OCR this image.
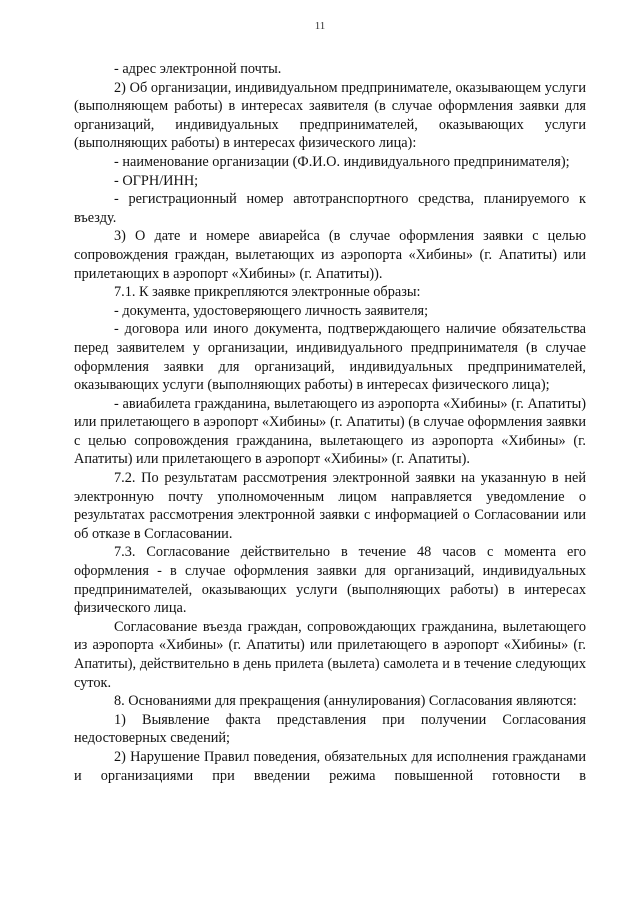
11

- адрес электронной почты.

2) Об организации, индивидуальном предпринимателе, оказывающем услуги (выполняющем работы) в интересах заявителя (в случае оформления заявки для организаций, индивидуальных предпринимателей, оказывающих услуги (выполняющих работы) в интересах физического лица):

- наименование организации (Ф.И.О. индивидуального предпринимателя);

- ОГРН/ИНН;

- регистрационный номер автотранспортного средства, планируемого к въезду.

3) О дате и номере авиарейса (в случае оформления заявки с целью сопровождения граждан, вылетающих из аэропорта «Хибины» (г. Апатиты) или прилетающих в аэропорт «Хибины» (г. Апатиты)).

7.1. К заявке прикрепляются электронные образы:

- документа, удостоверяющего личность заявителя;

- договора или иного документа, подтверждающего наличие обязательства перед заявителем у организации, индивидуального предпринимателя (в случае оформления заявки для организаций, индивидуальных предпринимателей, оказывающих услуги (выполняющих работы) в интересах физического лица);

- авиабилета гражданина, вылетающего из аэропорта «Хибины» (г. Апатиты) или прилетающего в аэропорт «Хибины» (г. Апатиты) (в случае оформления заявки с целью сопровождения гражданина, вылетающего из аэропорта «Хибины» (г. Апатиты) или прилетающего в аэропорт «Хибины» (г. Апатиты).

7.2. По результатам рассмотрения электронной заявки на указанную в ней электронную почту уполномоченным лицом направляется уведомление о результатах рассмотрения электронной заявки с информацией о Согласовании или об отказе в Согласовании.

7.3. Согласование действительно в течение 48 часов с момента его оформления - в случае оформления заявки для организаций, индивидуальных предпринимателей, оказывающих услуги (выполняющих работы) в интересах физического лица.

Согласование въезда граждан, сопровождающих гражданина, вылетающего из аэропорта «Хибины» (г. Апатиты) или прилетающего в аэропорт «Хибины» (г. Апатиты), действительно в день прилета (вылета) самолета и в течение следующих суток.

8. Основаниями для прекращения (аннулирования) Согласования являются:

1) Выявление факта представления при получении Согласования недостоверных сведений;

2) Нарушение Правил поведения, обязательных для исполнения гражданами и организациями при введении режима повышенной готовности в
